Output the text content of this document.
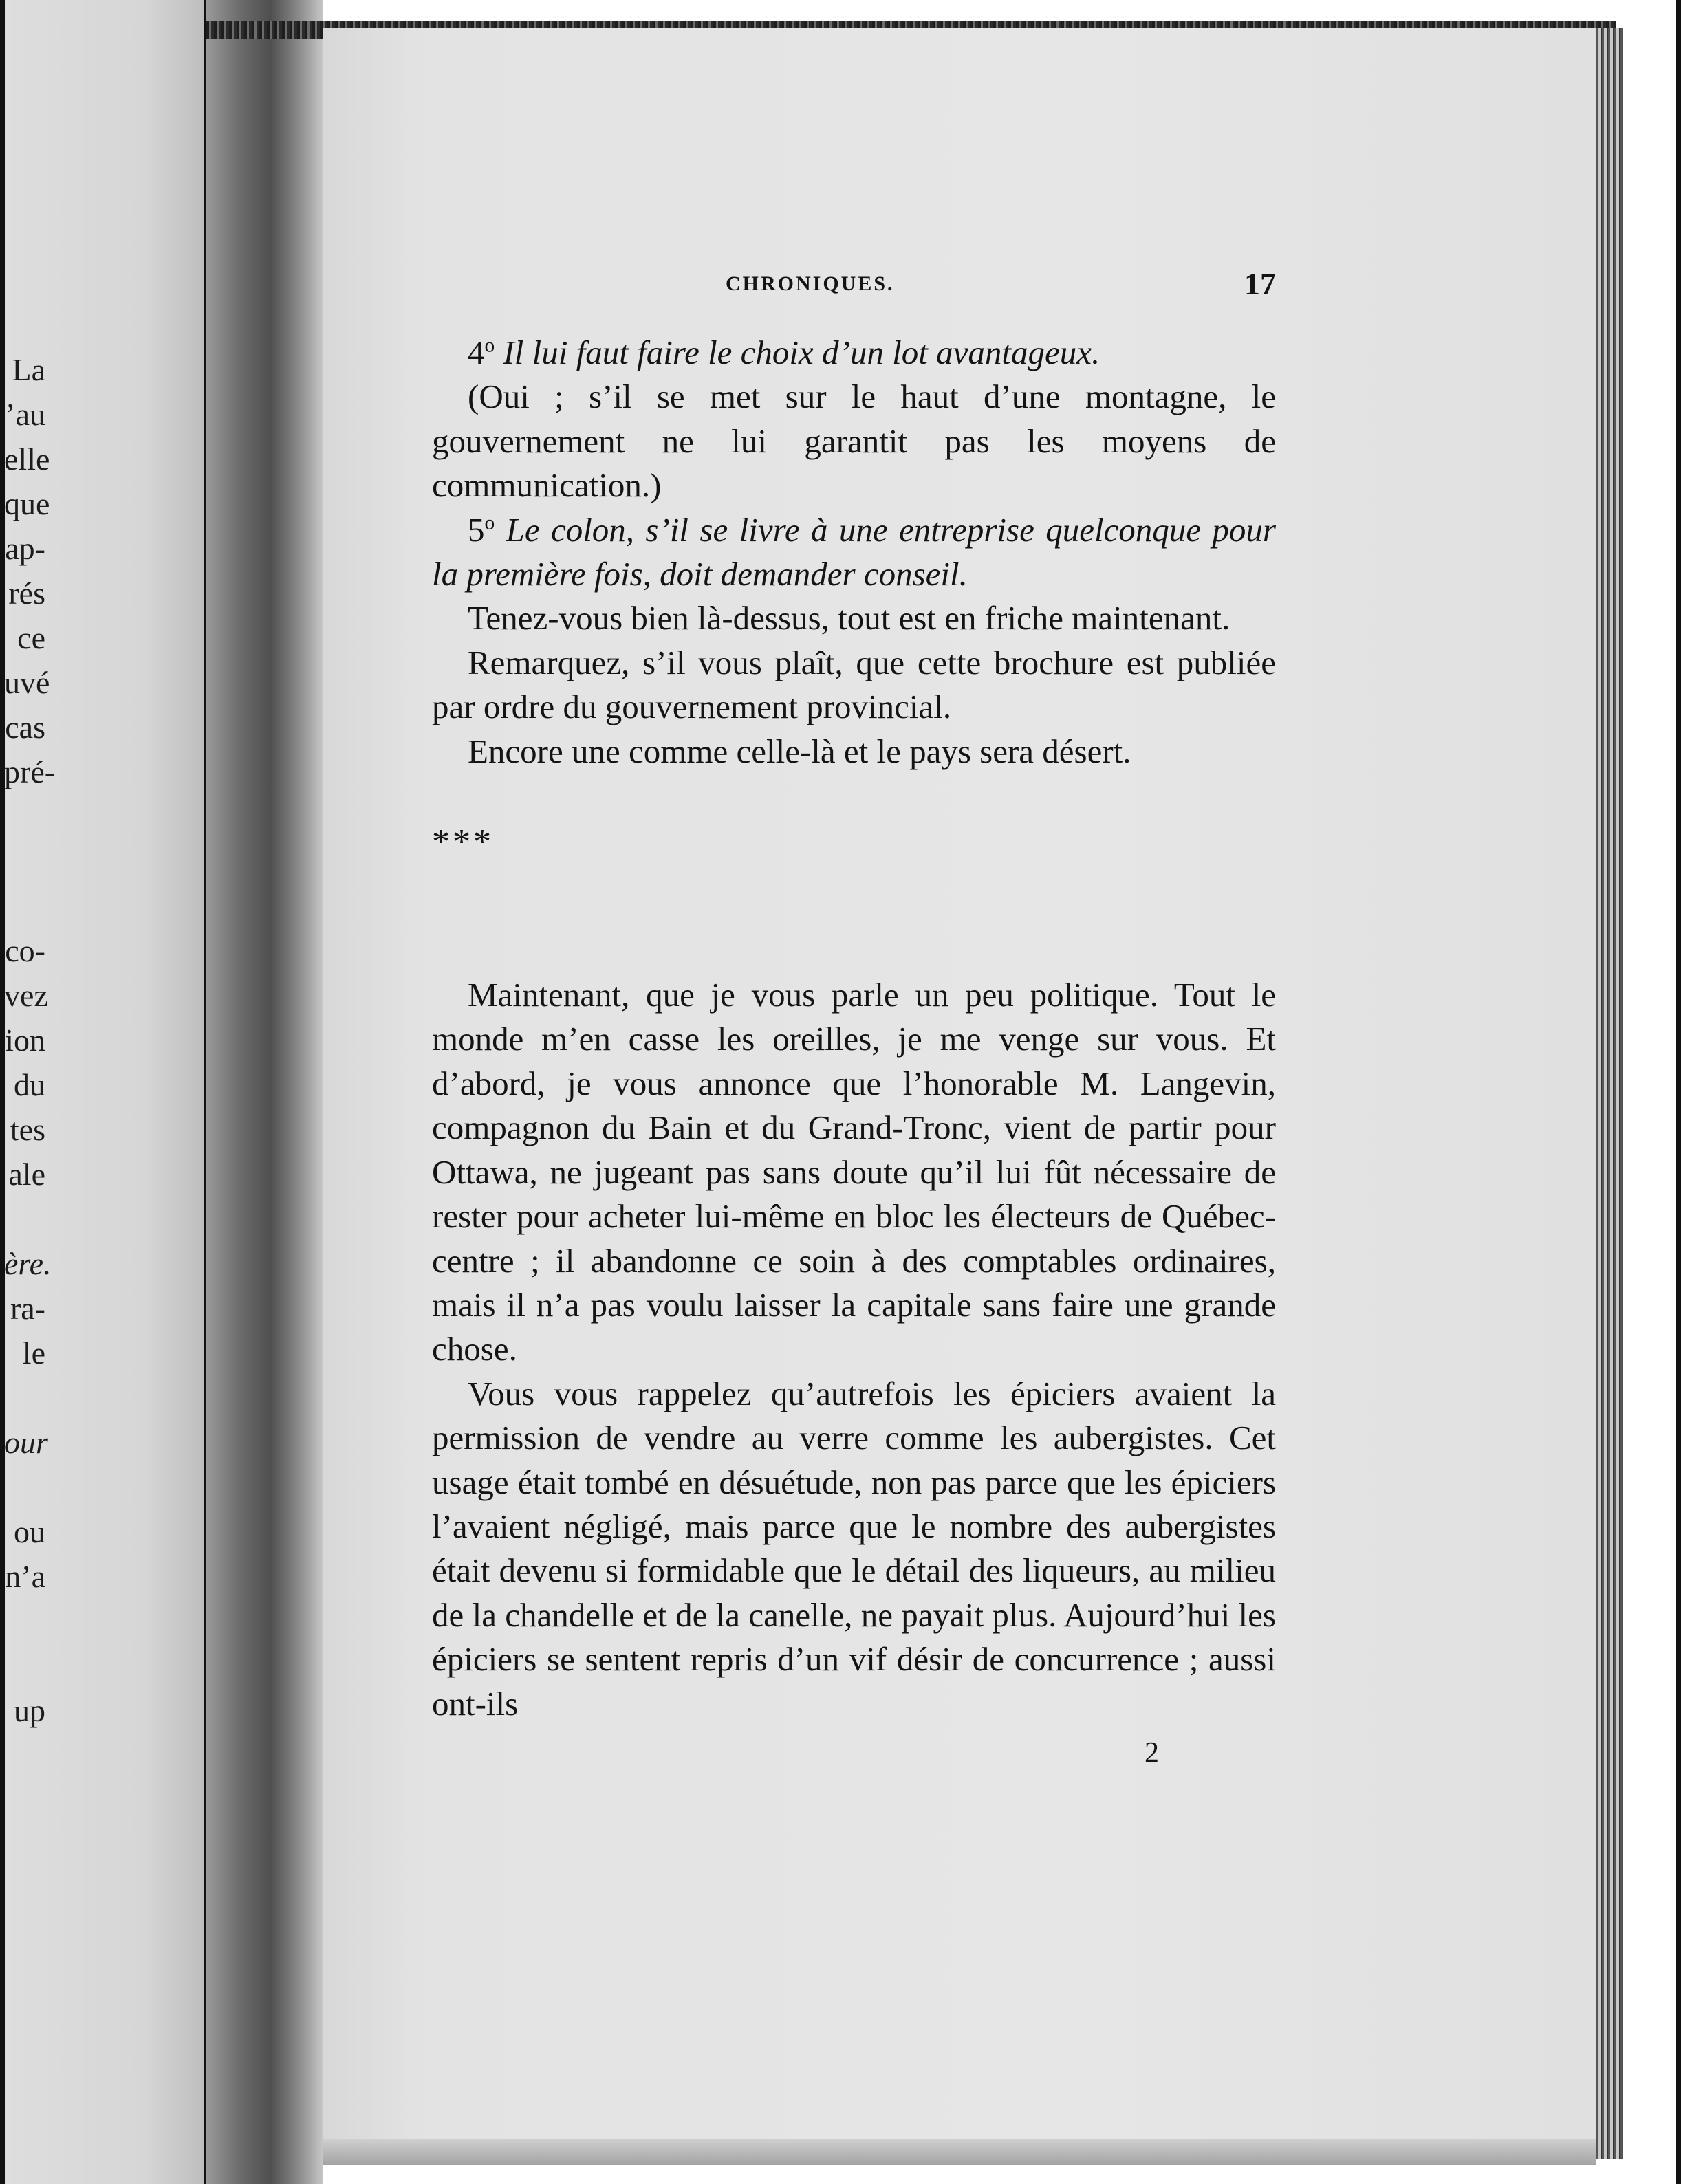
La
’au
elle
que
ap-
rés
ce
uvé
cas
pré-
co-
vez
ion
du
tes
ale
ère.
ra-
le
our
ou
n’a
up
CHRONIQUES.	17

4$^o$ Il lui faut faire le choix d’un lot avantageux.

(Oui ; s’il se met sur le haut d’une montagne, le gouvernement ne lui garantit pas les moyens de communication.)

5$^o$ Le colon, s’il se livre à une entreprise quelconque pour la première fois, doit demander conseil.

Tenez-vous bien là-dessus, tout est en friche maintenant.

Remarquez, s’il vous plaît, que cette brochure est publiée par ordre du gouvernement provincial.

Encore une comme celle-là et le pays sera désert.

***

Maintenant, que je vous parle un peu politique. Tout le monde m’en casse les oreilles, je me venge sur vous. Et d’abord, je vous annonce que l’honorable M. Langevin, compagnon du Bain et du Grand-Tronc, vient de partir pour Ottawa, ne jugeant pas sans doute qu’il lui fût nécessaire de rester pour acheter lui-même en bloc les électeurs de Québec-centre ; il abandonne ce soin à des comptables ordinaires, mais il n’a pas voulu laisser la capitale sans faire une grande chose.

Vous vous rappelez qu’autrefois les épiciers avaient la permission de vendre au verre comme les aubergistes. Cet usage était tombé en désuétude, non pas parce que les épiciers l’avaient négligé, mais parce que le nombre des aubergistes était devenu si formidable que le détail des liqueurs, au milieu de la chandelle et de la canelle, ne payait plus. Aujourd’hui les épiciers se sentent repris d’un vif désir de concurrence ; aussi ont-ils

2
